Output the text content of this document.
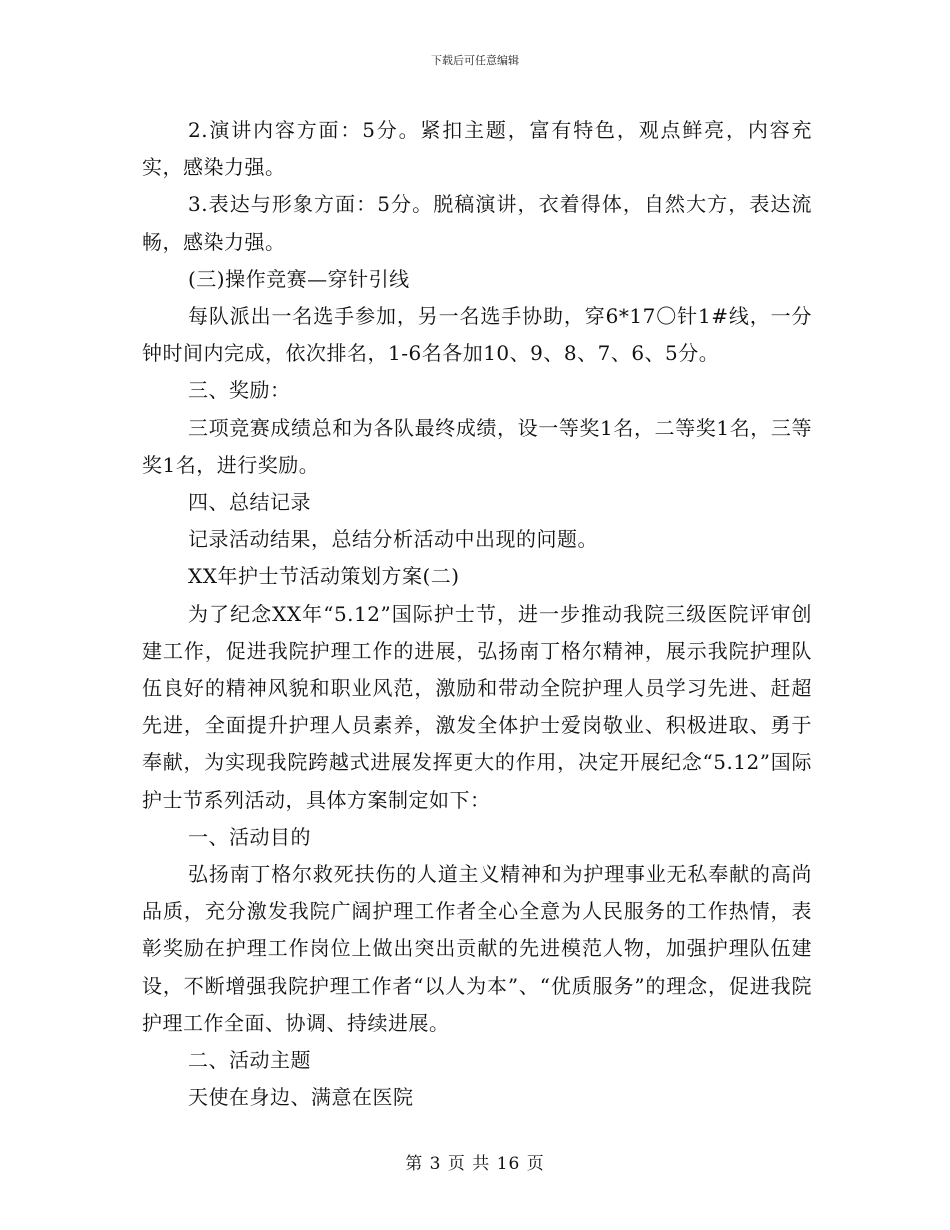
下载后可任意编辑

2.演讲内容方面：5分。紧扣主题，富有特色，观点鲜亮，内容充实，感染力强。

3.表达与形象方面：5分。脱稿演讲，衣着得体，自然大方，表达流畅，感染力强。

(三)操作竞赛—穿针引线

每队派出一名选手参加，另一名选手协助，穿6*17〇针1#线，一分钟时间内完成，依次排名，1-6名各加10、9、8、7、6、5分。

三、奖励：

三项竞赛成绩总和为各队最终成绩，设一等奖1名，二等奖1名，三等奖1名，进行奖励。

四、总结记录

记录活动结果，总结分析活动中出现的问题。

XX年护士节活动策划方案(二)

为了纪念XX年“5.12”国际护士节，进一步推动我院三级医院评审创建工作，促进我院护理工作的进展，弘扬南丁格尔精神，展示我院护理队伍良好的精神风貌和职业风范，激励和带动全院护理人员学习先进、赶超先进，全面提升护理人员素养，激发全体护士爱岗敬业、积极进取、勇于奉献，为实现我院跨越式进展发挥更大的作用，决定开展纪念“5.12”国际护士节系列活动，具体方案制定如下：

一、活动目的

弘扬南丁格尔救死扶伤的人道主义精神和为护理事业无私奉献的高尚品质，充分激发我院广阔护理工作者全心全意为人民服务的工作热情，表彰奖励在护理工作岗位上做出突出贡献的先进模范人物，加强护理队伍建设，不断增强我院护理工作者“以人为本”、“优质服务”的理念，促进我院护理工作全面、协调、持续进展。

二、活动主题

天使在身边、满意在医院

第 3 页 共 16 页
